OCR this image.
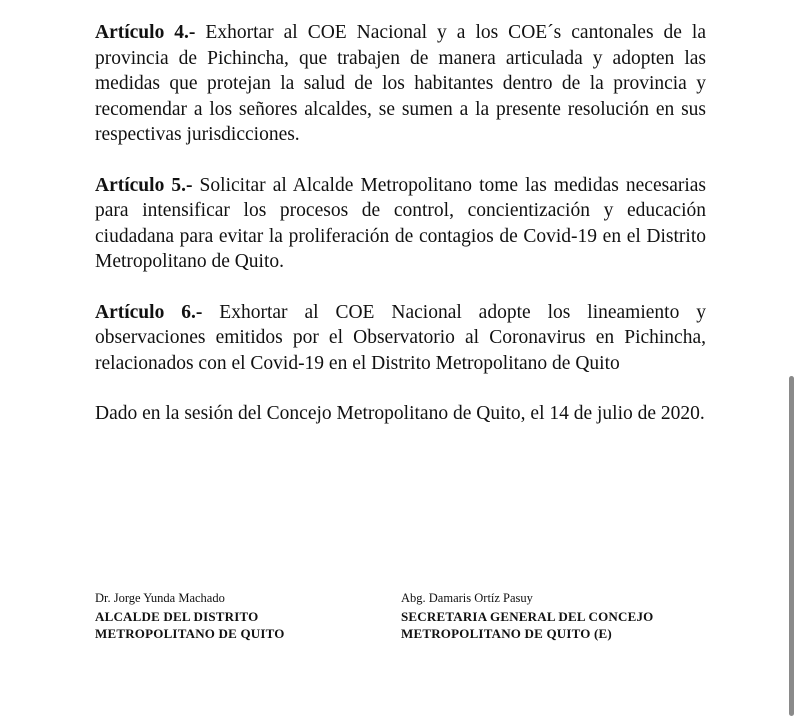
Artículo 4.- Exhortar al COE Nacional y a los COE´s cantonales de la provincia de Pichincha, que trabajen de manera articulada y adopten las medidas que protejan la salud de los habitantes dentro de la provincia y recomendar a los señores alcaldes, se sumen a la presente resolución en sus respectivas jurisdicciones.

Artículo 5.- Solicitar al Alcalde Metropolitano tome las medidas necesarias para intensificar los procesos de control, concientización y educación ciudadana para evitar la proliferación de contagios de Covid-19 en el Distrito Metropolitano de Quito.

Artículo 6.- Exhortar al COE Nacional adopte los lineamiento y observaciones emitidos por el Observatorio al Coronavirus en Pichincha, relacionados con el Covid-19 en el Distrito Metropolitano de Quito

Dado en la sesión del Concejo Metropolitano de Quito, el 14 de julio de 2020.

Dr. Jorge Yunda Machado
ALCALDE DEL DISTRITO
METROPOLITANO DE QUITO
Abg. Damaris Ortíz Pasuy
SECRETARIA GENERAL DEL CONCEJO
METROPOLITANO DE QUITO (E)
